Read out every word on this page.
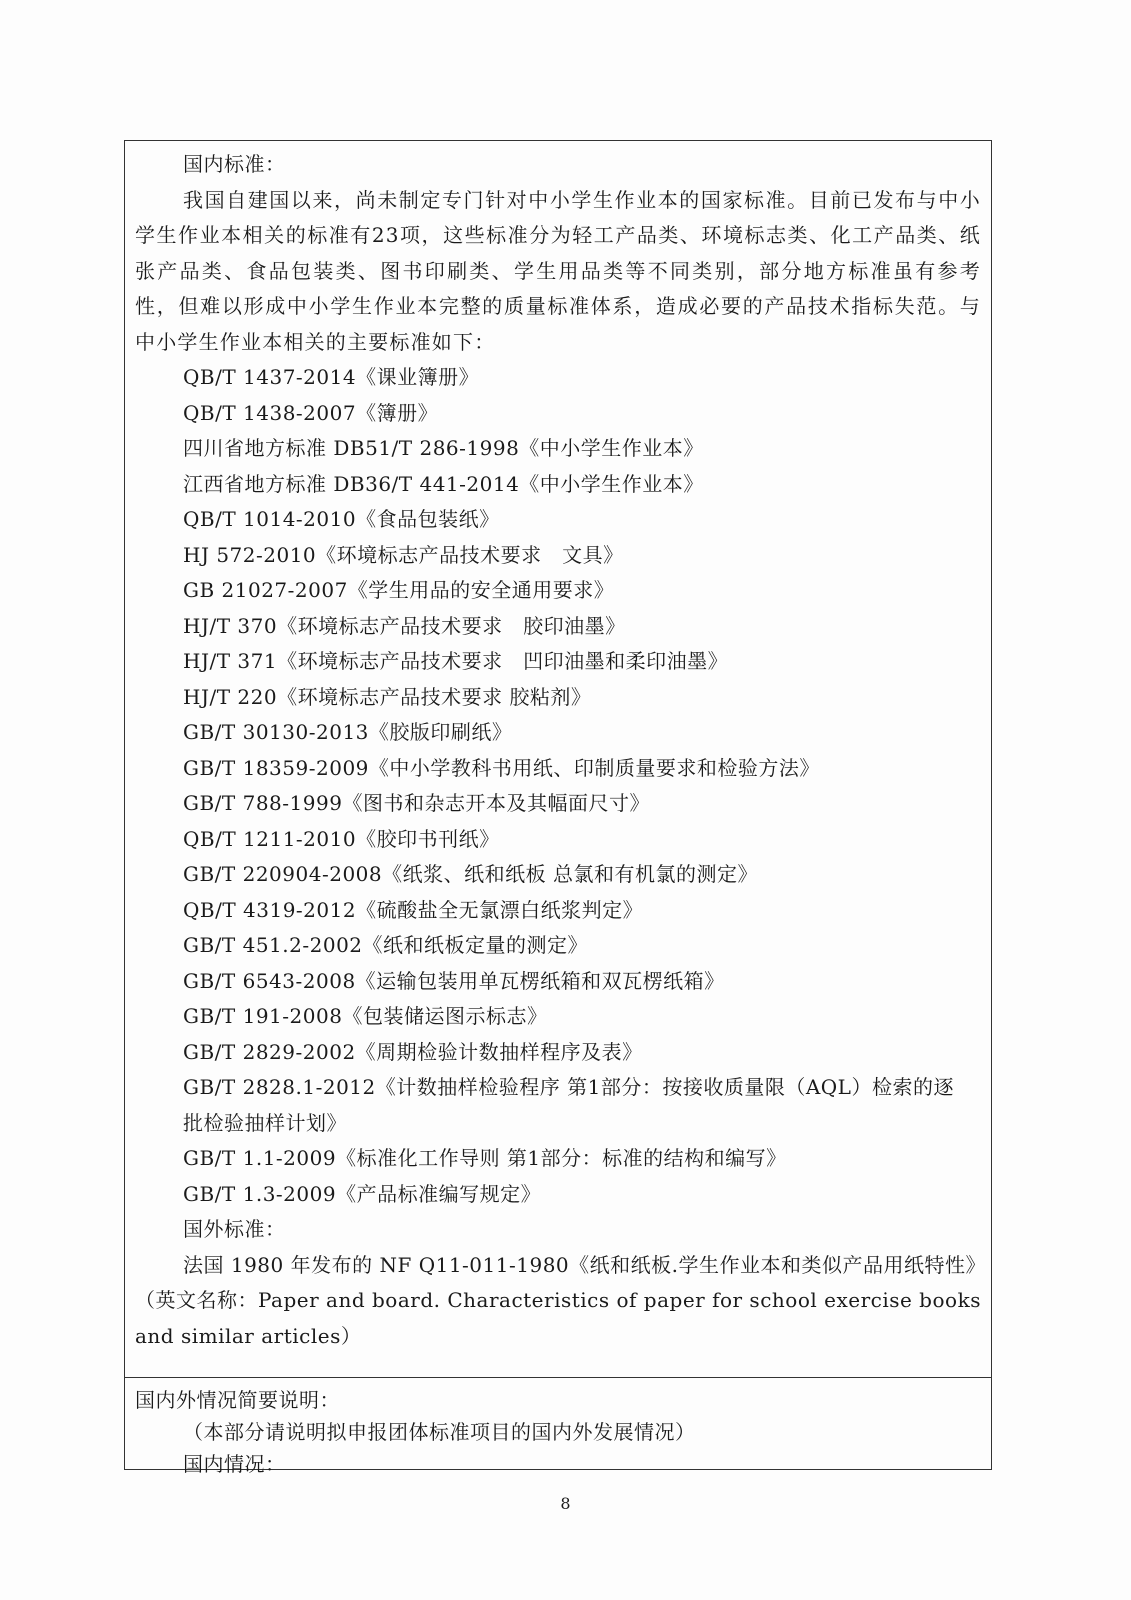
国内标准：
我国自建国以来，尚未制定专门针对中小学生作业本的国家标准。目前已发布与中小学生作业本相关的标准有23项，这些标准分为轻工产品类、环境标志类、化工产品类、纸张产品类、食品包装类、图书印刷类、学生用品类等不同类别，部分地方标准虽有参考性，但难以形成中小学生作业本完整的质量标准体系，造成必要的产品技术指标失范。与中小学生作业本相关的主要标准如下：
QB/T 1437-2014《课业簿册》
QB/T 1438-2007《簿册》
四川省地方标准 DB51/T 286-1998《中小学生作业本》
江西省地方标准 DB36/T 441-2014《中小学生作业本》
QB/T 1014-2010《食品包装纸》
HJ 572-2010《环境标志产品技术要求　文具》
GB 21027-2007《学生用品的安全通用要求》
HJ/T 370《环境标志产品技术要求　胶印油墨》
HJ/T 371《环境标志产品技术要求　凹印油墨和柔印油墨》
HJ/T 220《环境标志产品技术要求 胶粘剂》
GB/T 30130-2013《胶版印刷纸》
GB/T 18359-2009《中小学教科书用纸、印制质量要求和检验方法》
GB/T 788-1999《图书和杂志开本及其幅面尺寸》
QB/T 1211-2010《胶印书刊纸》
GB/T 220904-2008《纸浆、纸和纸板 总氯和有机氯的测定》
QB/T 4319-2012《硫酸盐全无氯漂白纸浆判定》
GB/T 451.2-2002《纸和纸板定量的测定》
GB/T 6543-2008《运输包装用单瓦楞纸箱和双瓦楞纸箱》
GB/T 191-2008《包装储运图示标志》
GB/T 2829-2002《周期检验计数抽样程序及表》
GB/T 2828.1-2012《计数抽样检验程序 第1部分：按接收质量限（AQL）检索的逐
批检验抽样计划》
GB/T 1.1-2009《标准化工作导则 第1部分：标准的结构和编写》
GB/T 1.3-2009《产品标准编写规定》
国外标准：
法国 1980 年发布的 NF Q11-011-1980《纸和纸板.学生作业本和类似产品用纸特性》
（英文名称：Paper and board. Characteristics of paper for school exercise books
and similar articles）
国内外情况简要说明：
（本部分请说明拟申报团体标准项目的国内外发展情况）
国内情况：
8
